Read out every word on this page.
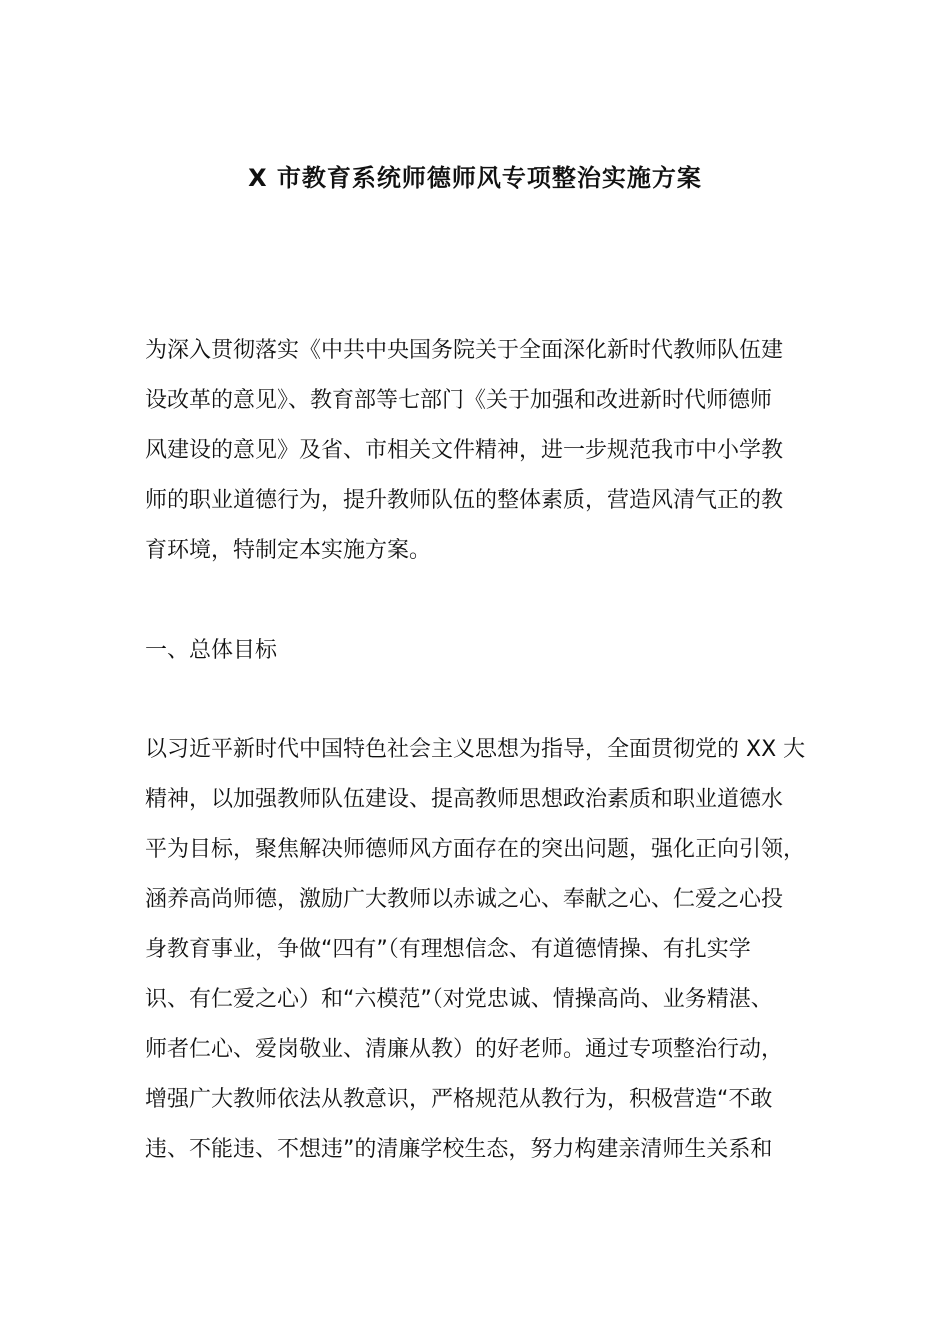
X 市教育系统师德师风专项整治实施方案
为深入贯彻落实《中共中央国务院关于全面深化新时代教师队伍建
设改革的意见》、教育部等七部门《关于加强和改进新时代师德师
风建设的意见》及省、市相关文件精神，进一步规范我市中小学教
师的职业道德行为，提升教师队伍的整体素质，营造风清气正的教
育环境，特制定本实施方案。
一、总体目标
以习近平新时代中国特色社会主义思想为指导，全面贯彻党的 XX 大
精神，以加强教师队伍建设、提高教师思想政治素质和职业道德水
平为目标，聚焦解决师德师风方面存在的突出问题，强化正向引领，
涵养高尚师德，激励广大教师以赤诚之心、奉献之心、仁爱之心投
身教育事业，争做“四有”（有理想信念、有道德情操、有扎实学
识、有仁爱之心）和“六模范”（对党忠诚、情操高尚、业务精湛、
师者仁心、爱岗敬业、清廉从教）的好老师。通过专项整治行动，
增强广大教师依法从教意识，严格规范从教行为，积极营造“不敢
违、不能违、不想违”的清廉学校生态，努力构建亲清师生关系和
